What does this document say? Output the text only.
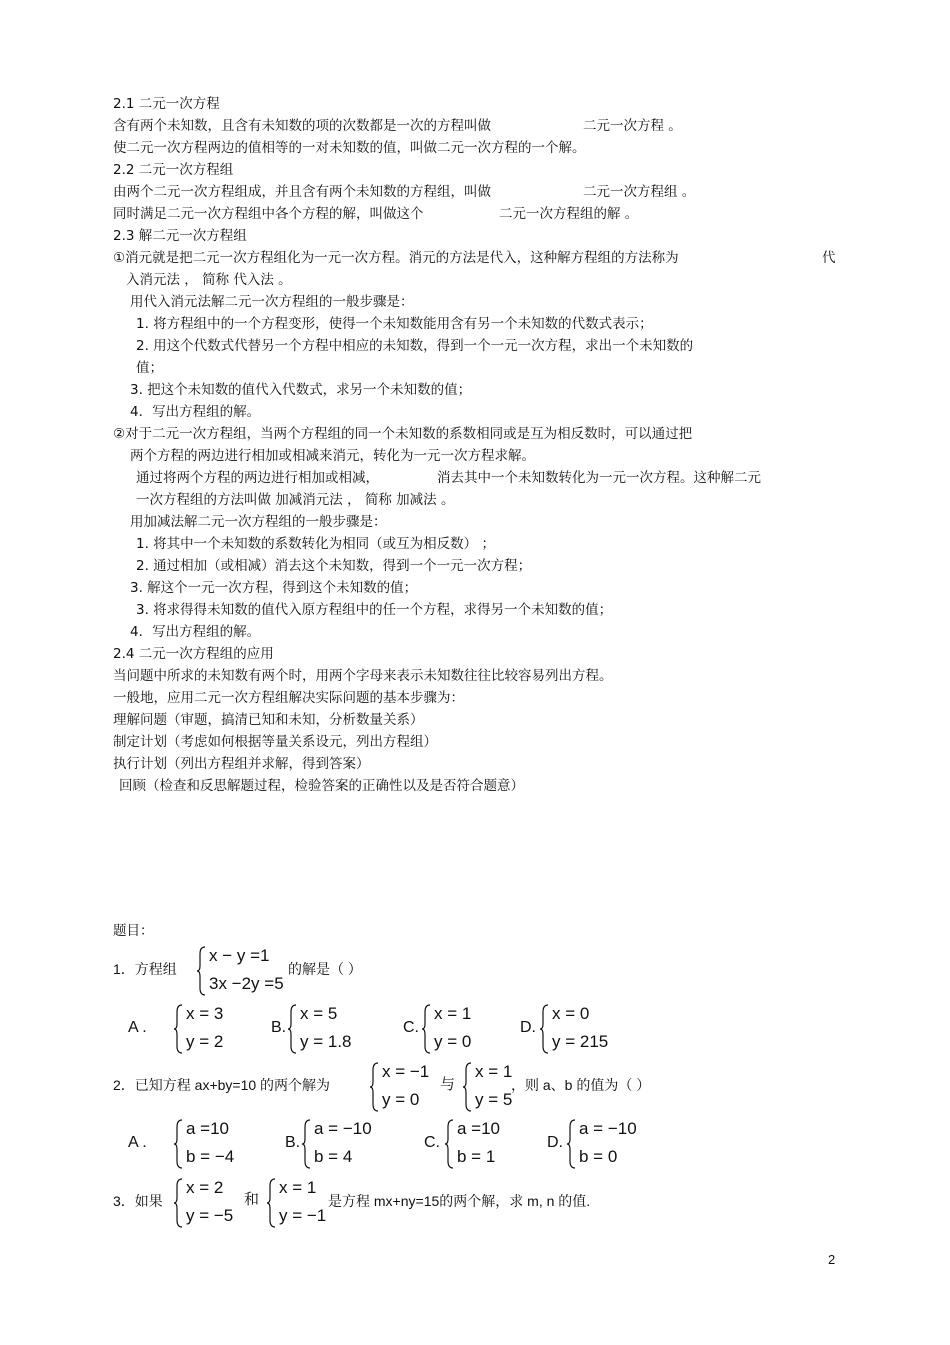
2.1 二元一次方程
含有两个未知数，且含有未知数的项的次数都是一次的方程叫做	二元一次方程 。
使二元一次方程两边的值相等的一对未知数的值，叫做二元一次方程的一个解。
2.2 二元一次方程组
由两个二元一次方程组成，并且含有两个未知数的方程组，叫做	二元一次方程组 。
同时满足二元一次方程组中各个方程的解，叫做这个	二元一次方程组的解 。
2.3 解二元一次方程组
①消元就是把二元一次方程组化为一元一次方程。消元的方法是代入，这种解方程组的方法称为	代
入消元法 ， 简称 代入法 。
用代入消元法解二元一次方程组的一般步骤是：
1. 将方程组中的一个方程变形，使得一个未知数能用含有另一个未知数的代数式表示；
2. 用这个代数式代替另一个方程中相应的未知数，得到一个一元一次方程，求出一个未知数的
值；
3. 把这个未知数的值代入代数式，求另一个未知数的值；
4．写出方程组的解。
②对于二元一次方程组，当两个方程组的同一个未知数的系数相同或是互为相反数时，可以通过把
两个方程的两边进行相加或相减来消元，转化为一元一次方程求解。
通过将两个方程的两边进行相加或相减，	消去其中一个未知数转化为一元一次方程。这种解二元
一次方程组的方法叫做 加减消元法 ， 简称 加减法 。
用加减法解二元一次方程组的一般步骤是：
1. 将其中一个未知数的系数转化为相同（或互为相反数） ；
2. 通过相加（或相减）消去这个未知数，得到一个一元一次方程；
3. 解这个一元一次方程，得到这个未知数的值；
3. 将求得得未知数的值代入原方程组中的任一个方程，求得另一个未知数的值；
4．写出方程组的解。
2.4 二元一次方程组的应用
当问题中所求的未知数有两个时，用两个字母来表示未知数往往比较容易列出方程。
一般地，应用二元一次方程组解决实际问题的基本步骤为：
理解问题（审题，搞清已知和未知，分析数量关系）
制定计划（考虑如何根据等量关系设元，列出方程组）
执行计划（列出方程组并求解，得到答案）
回顾（检查和反思解题过程，检验答案的正确性以及是否符合题意）
题目：
1．方程组
x − y =1
3x −2y =5
的解是（ ）
A .
x = 3
y = 2
B.
x = 5
y = 1.8
C.
x = 1
y = 0
D.
x = 0
y = 215
2．已知方程 ax+by=10 的两个解为
x = −1
y = 0
与
x = 1
y = 5
，则 a、b 的值为（ ）
A .
a =10
b = −4
B.
a = −10
b = 4
C.
a =10
b = 1
D.
a = −10
b = 0
3．如果
x = 2
y = −5
和
x = 1
y = −1
是方程 mx+ny=15的两个解，求 m, n 的值.
2
